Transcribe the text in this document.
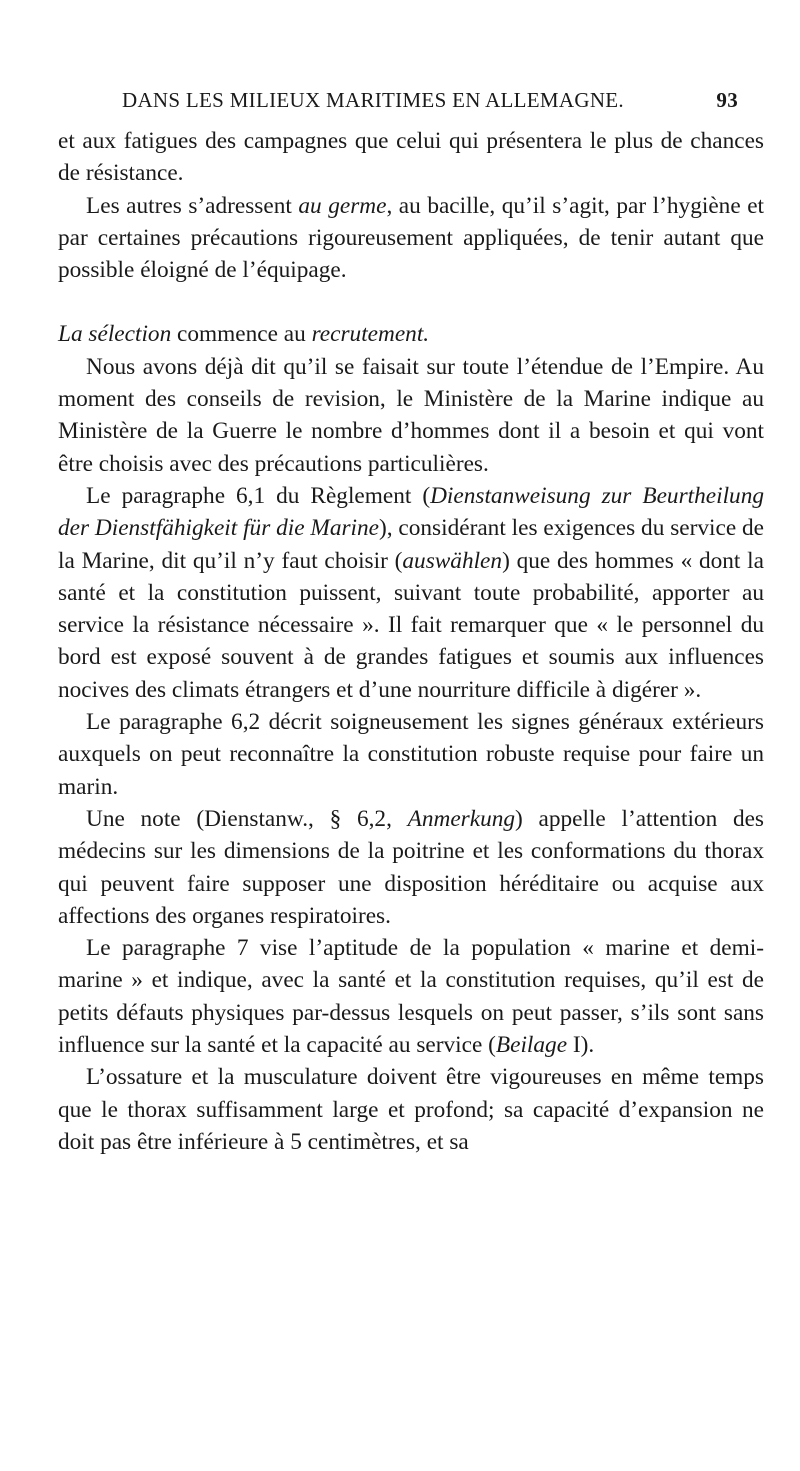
DANS LES MILIEUX MARITIMES EN ALLEMAGNE.	93

et aux fatigues des campagnes que celui qui présentera le plus de chances de résistance.

Les autres s’adressent au germe, au bacille, qu’il s’agit, par l’hygiène et par certaines précautions rigoureusement appliquées, de tenir autant que possible éloigné de l’équipage.

La sélection commence au recrutement.

Nous avons déjà dit qu’il se faisait sur toute l’étendue de l’Empire. Au moment des conseils de revision, le Ministère de la Marine indique au Ministère de la Guerre le nombre d’hommes dont il a besoin et qui vont être choisis avec des précautions particulières.

Le paragraphe 6,1 du Règlement (Dienstanweisung zur Beurtheilung der Dienstfähigkeit für die Marine), considérant les exigences du service de la Marine, dit qu’il n’y faut choisir (auswählen) que des hommes « dont la santé et la constitution puissent, suivant toute probabilité, apporter au service la résistance nécessaire ». Il fait remarquer que « le personnel du bord est exposé souvent à de grandes fatigues et soumis aux influences nocives des climats étrangers et d’une nourriture difficile à digérer ».

Le paragraphe 6,2 décrit soigneusement les signes généraux extérieurs auxquels on peut reconnaître la constitution robuste requise pour faire un marin.

Une note (Dienstanw., § 6,2, Anmerkung) appelle l’attention des médecins sur les dimensions de la poitrine et les conformations du thorax qui peuvent faire supposer une disposition héréditaire ou acquise aux affections des organes respiratoires.

Le paragraphe 7 vise l’aptitude de la population « marine et demi-marine » et indique, avec la santé et la constitution requises, qu’il est de petits défauts physiques par-dessus lesquels on peut passer, s’ils sont sans influence sur la santé et la capacité au service (Beilage I).

L’ossature et la musculature doivent être vigoureuses en même temps que le thorax suffisamment large et profond; sa capacité d’expansion ne doit pas être inférieure à 5 centimètres, et sa
